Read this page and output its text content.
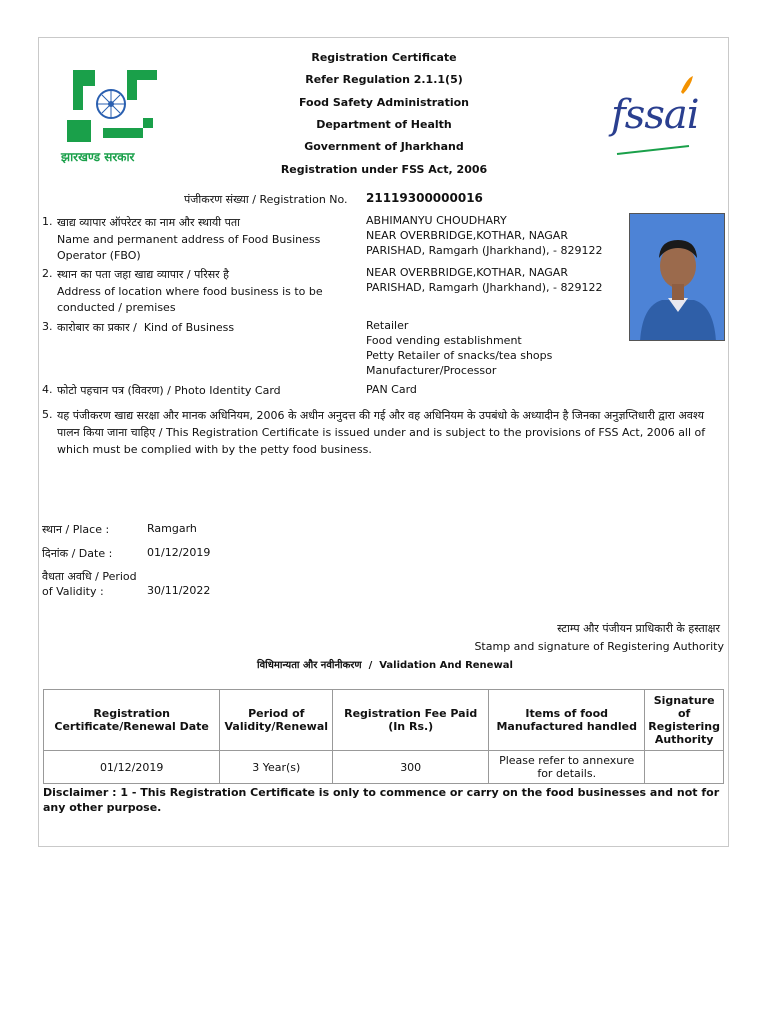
झारखण्ड सरकार
Registration Certificate
Refer Regulation 2.1.1(5)
Food Safety Administration
Department of Health
Government of Jharkhand
Registration under FSS Act, 2006
fssai
पंजीकरण संख्या / Registration No. 21119300000016
1. खाद्य व्यापार ऑपरेटर का नाम और स्थायी पता
Name and permanent address of Food Business Operator (FBO)
ABHIMANYU CHOUDHARY
NEAR OVERBRIDGE,KOTHAR, NAGAR
PARISHAD, Ramgarh (Jharkhand), - 829122
2. स्थान का पता जहा खाद्य व्यापार / परिसर है
Address of location where food business is to be conducted / premises
NEAR OVERBRIDGE,KOTHAR, NAGAR
PARISHAD, Ramgarh (Jharkhand), - 829122
3. कारोबार का प्रकार /  Kind of Business	Retailer
Food vending establishment
Petty Retailer of snacks/tea shops
Manufacturer/Processor
4. फोटो पहचान पत्र (विवरण) / Photo Identity Card	PAN Card
5. यह पंजीकरण खाद्य सरक्षा और मानक अधिनियम, 2006 के अधीन अनुदत्त की गई और वह अधिनियम के उपबंधो के अध्यादीन है जिनका अनुज्ञप्तिधारी द्वारा अवश्य पालन किया जाना चाहिए / This Registration Certificate is issued under and is subject to the provisions of FSS Act, 2006 all of which must be complied with by the petty food business.
स्थान / Place :	Ramgarh
दिनांक / Date :	01/12/2019
वैधता अवधि / Period of Validity :	30/11/2022
स्टाम्प और पंजीयन प्राधिकारी के हस्ताक्षर
Stamp and signature of Registering Authority
विधिमान्यता और नवीनीकरण  /  Validation And Renewal
Registration Certificate/Renewal Date	Period of Validity/Renewal	Registration Fee Paid (In Rs.)	Items of food Manufactured handled	Signature of Registering Authority
01/12/2019	3 Year(s)	300	Please refer to annexure for details.	
Disclaimer : 1 - This Registration Certificate is only to commence or carry on the food businesses and not for any other purpose.
